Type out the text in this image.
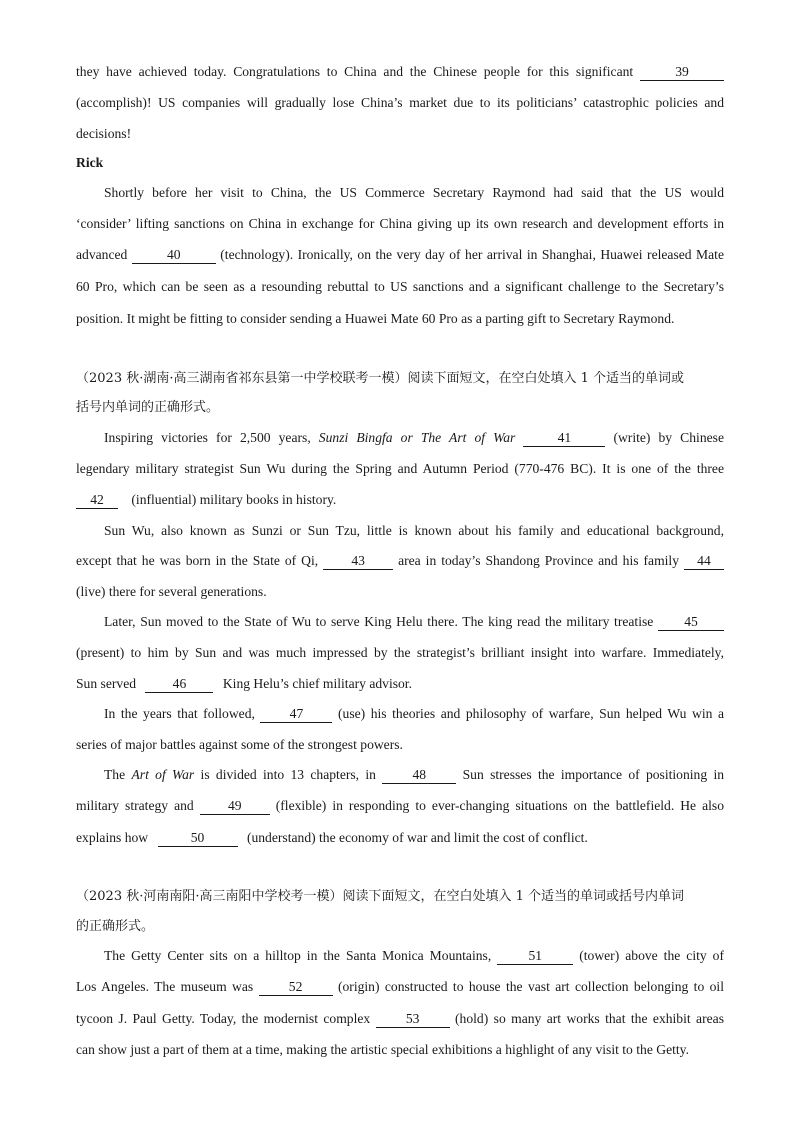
they have achieved today. Congratulations to China and the Chinese people for this significant	39
(accomplish)! US companies will gradually lose China’s market due to its politicians’ catastrophic policies and
decisions!
Rick
Shortly before her visit to China, the US Commerce Secretary Raymond had said that the US would
‘consider’ lifting sanctions on China in exchange for China giving up its own research and development efforts in
advanced	40	(technology). Ironically, on the very day of her arrival in Shanghai, Huawei released Mate
60 Pro, which can be seen as a resounding rebuttal to US sanctions and a significant challenge to the Secretary’s
position. It might be fitting to consider sending a Huawei Mate 60 Pro as a parting gift to Secretary Raymond.
（2023 秋·湖南·高三湖南省祁东县第一中学校联考一模）阅读下面短文，在空白处填入 1 个适当的单词或
括号内单词的正确形式。
Inspiring victories for 2,500 years, Sunzi Bingfa or The Art of War	41	(write) by Chinese
legendary military strategist Sun Wu during the Spring and Autumn Period (770-476 BC). It is one of the three
42 (influential) military books in history.
Sun Wu, also known as Sunzi or Sun Tzu, little is known about his family and educational background,
except that he was born in the State of Qi, 43 area in today’s Shandong Province and his family 44
(live) there for several generations.
Later, Sun moved to the State of Wu to serve King Helu there. The king read the military treatise 45
(present) to him by Sun and was much impressed by the strategist’s brilliant insight into warfare. Immediately,
Sun served	46	King Helu’s chief military advisor.
In the years that followed,	47	(use) his theories and philosophy of warfare, Sun helped Wu win a
series of major battles against some of the strongest powers.
The Art of War is divided into 13 chapters, in	48	Sun stresses the importance of positioning in
military strategy and	49	(flexible) in responding to ever-changing situations on the battlefield. He also
explains how	50	(understand) the economy of war and limit the cost of conflict.
（2023 秋·河南南阳·高三南阳中学校考一模）阅读下面短文，在空白处填入 1 个适当的单词或括号内单词
的正确形式。
The Getty Center sits on a hilltop in the Santa Monica Mountains,	51	(tower) above the city of
Los Angeles. The museum was	52	(origin) constructed to house the vast art collection belonging to oil
tycoon J. Paul Getty. Today, the modernist complex	53	(hold) so many art works that the exhibit areas
can show just a part of them at a time, making the artistic special exhibitions a highlight of any visit to the Getty.
